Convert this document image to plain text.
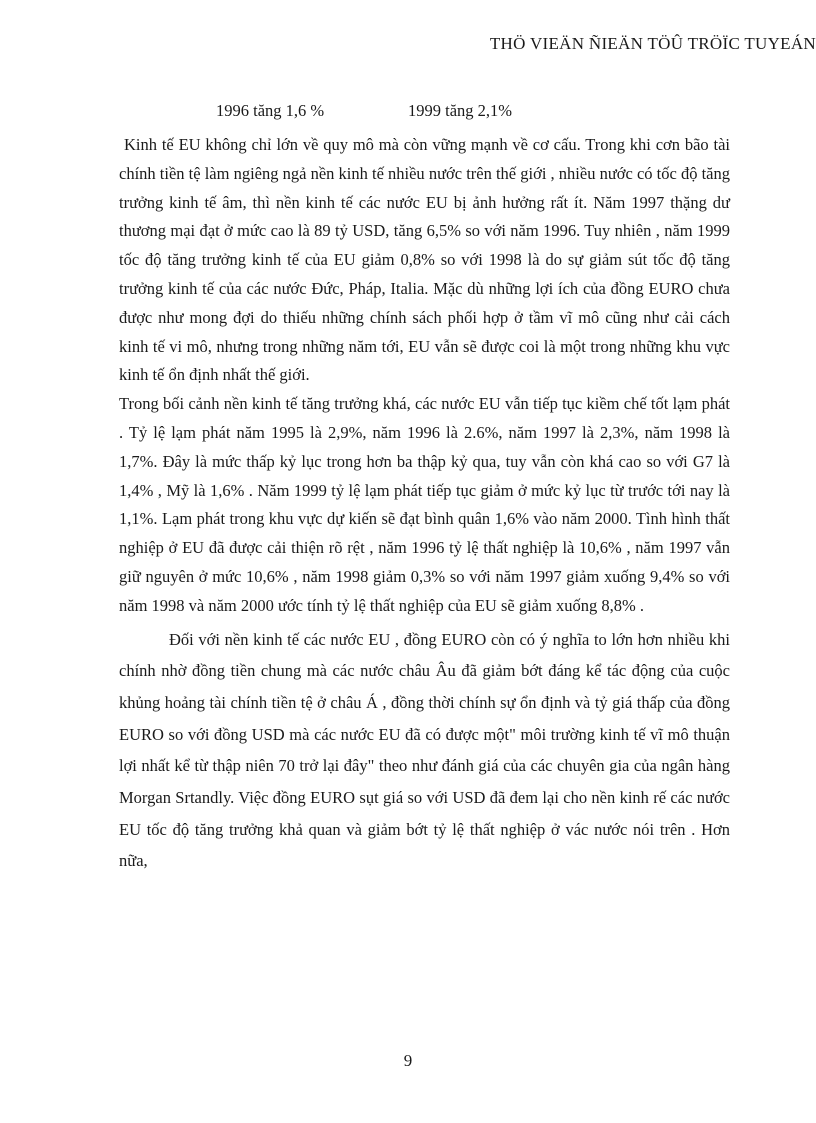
THÖ VIEÄN ÑIEÄN TÖÛ TRÖÏC TUYEÁN
1996 tăng 1,6 %	1999 tăng 2,1%

Kinh tế EU không chỉ lớn về quy mô mà còn vững mạnh về cơ cấu. Trong khi cơn bão tài chính tiền tệ làm ngiêng ngả nền kinh tế nhiều nước trên thế giới , nhiều nước có tốc độ tăng trưởng kinh tế âm, thì nền kinh tế các nước EU bị ảnh hưởng rất ít. Năm 1997 thặng dư thương mại đạt ở mức cao là 89 tỷ USD, tăng 6,5% so với năm 1996. Tuy nhiên , năm 1999 tốc độ tăng trưởng kinh tế của EU giảm 0,8% so với 1998 là do sự giảm sút tốc độ tăng trưởng kinh tế của các nước Đức, Pháp, Italia. Mặc dù những lợi ích của đồng EURO chưa được như mong đợi do thiếu những chính sách phối hợp ở tầm vĩ mô cũng như cải cách kinh tế vi mô, nhưng trong những năm tới, EU vẫn sẽ được coi là một trong những khu vực kinh tế ổn định nhất thế giới.

Trong bối cảnh nền kinh tế tăng trưởng khá, các nước EU vẫn tiếp tục kiềm chế tốt lạm phát . Tỷ lệ lạm phát năm 1995 là 2,9%, năm 1996 là 2.6%, năm 1997 là 2,3%, năm 1998 là 1,7%. Đây là mức thấp kỷ lục trong hơn ba thập kỷ qua, tuy vẫn còn khá cao so với G7 là 1,4% , Mỹ là 1,6% . Năm 1999 tỷ lệ lạm phát tiếp tục giảm ở mức kỷ lục từ trước tới nay là 1,1%. Lạm phát trong khu vực dự kiến sẽ đạt bình quân 1,6% vào năm 2000. Tình hình thất nghiệp ở EU đã được cải thiện rõ rệt , năm 1996 tỷ lệ thất nghiệp là 10,6% , năm 1997 vẫn giữ nguyên ở mức 10,6% , năm 1998 giảm 0,3% so với năm 1997 giảm xuống 9,4% so với năm 1998 và năm 2000 ước tính tỷ lệ thất nghiệp của EU sẽ giảm xuống 8,8% .

Đối với nền kinh tế các nước EU , đồng EURO còn có ý nghĩa to lớn hơn nhiều khi chính nhờ đồng tiền chung mà các nước châu Âu đã giảm bớt đáng kể tác động của cuộc khủng hoảng tài chính tiền tệ ở châu Á , đồng thời chính sự ổn định và tỷ giá thấp của đồng EURO so với đồng USD mà các nước EU đã có được một" môi trường kinh tế vĩ mô thuận lợi nhất kể từ thập niên 70 trở lại đây" theo như đánh giá của các chuyên gia của ngân hàng Morgan Srtandly. Việc đồng EURO sụt giá so với USD đã đem lại cho nền kinh rế các nước EU tốc độ tăng trưởng khả quan và giảm bớt tỷ lệ thất nghiệp ở vác nước nói trên . Hơn nữa,

9
